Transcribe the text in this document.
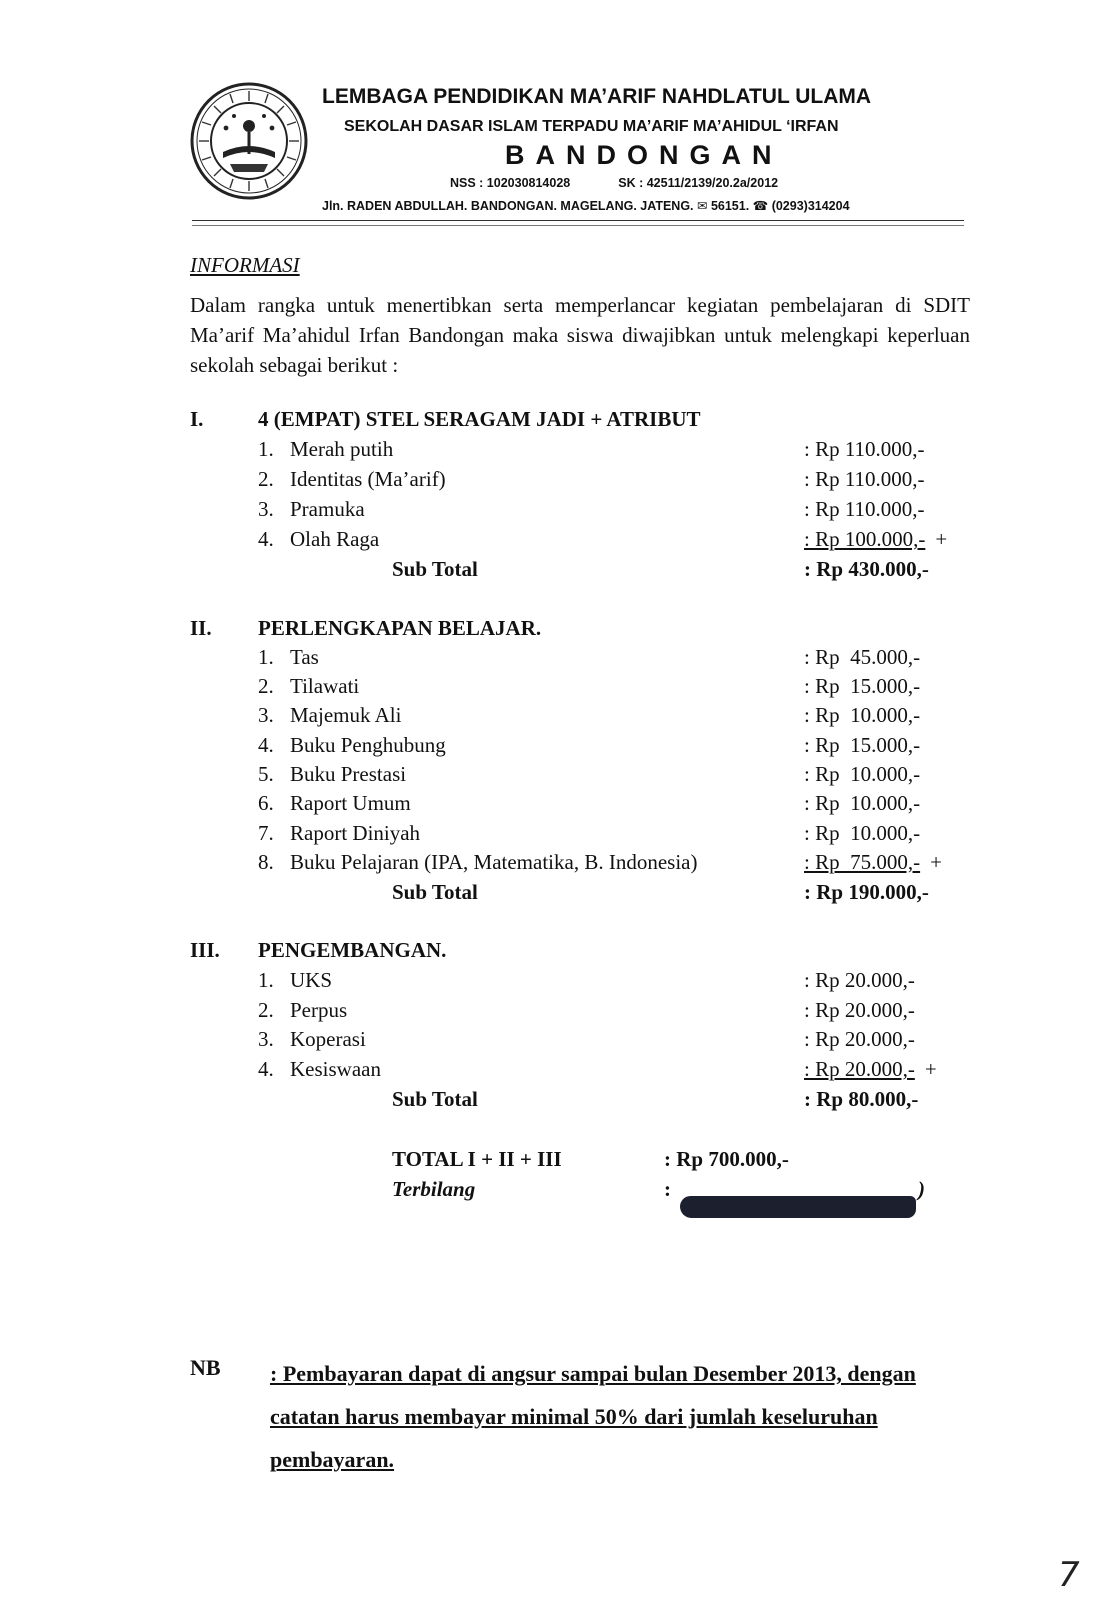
LEMBAGA PENDIDIKAN MA’ARIF NAHDLATUL ULAMA
SEKOLAH DASAR ISLAM TERPADU MA’ARIF MA’AHIDUL ‘IRFAN
BANDONGAN
NSS : 102030814028	SK : 42511/2139/20.2a/2012
Jln. RADEN ABDULLAH. BANDONGAN. MAGELANG. JATENG. ✉ 56151. ☎ (0293)314204
INFORMASI
Dalam rangka untuk menertibkan serta memperlancar kegiatan pembelajaran di SDIT Ma’arif Ma’ahidul Irfan Bandongan maka siswa diwajibkan untuk melengkapi keperluan sekolah sebagai berikut :
I.	4 (EMPAT) STEL SERAGAM JADI + ATRIBUT
1. Merah putih	: Rp 110.000,-
2. Identitas (Ma’arif)	: Rp 110.000,-
3. Pramuka	: Rp 110.000,-
4. Olah Raga	: Rp 100.000,- +
Sub Total	: Rp 430.000,-
II. PERLENGKAPAN BELAJAR.
1. Tas	: Rp  45.000,-
2. Tilawati	: Rp  15.000,-
3. Majemuk Ali	: Rp  10.000,-
4. Buku Penghubung	: Rp  15.000,-
5. Buku Prestasi	: Rp  10.000,-
6. Raport Umum	: Rp  10.000,-
7. Raport Diniyah	: Rp  10.000,-
8. Buku Pelajaran (IPA, Matematika, B. Indonesia)	: Rp  75.000,- +
Sub Total	: Rp 190.000,-
III. PENGEMBANGAN.
1. UKS	: Rp 20.000,-
2. Perpus	: Rp 20.000,-
3. Koperasi	: Rp 20.000,-
4. Kesiswaan	: Rp 20.000,- +
Sub Total	: Rp 80.000,-
TOTAL I + II + III	: Rp 700.000,-
Terbilang	:	)
NB : Pembayaran dapat di angsur sampai bulan Desember 2013, dengan catatan harus membayar minimal 50% dari jumlah keseluruhan pembayaran.
7
